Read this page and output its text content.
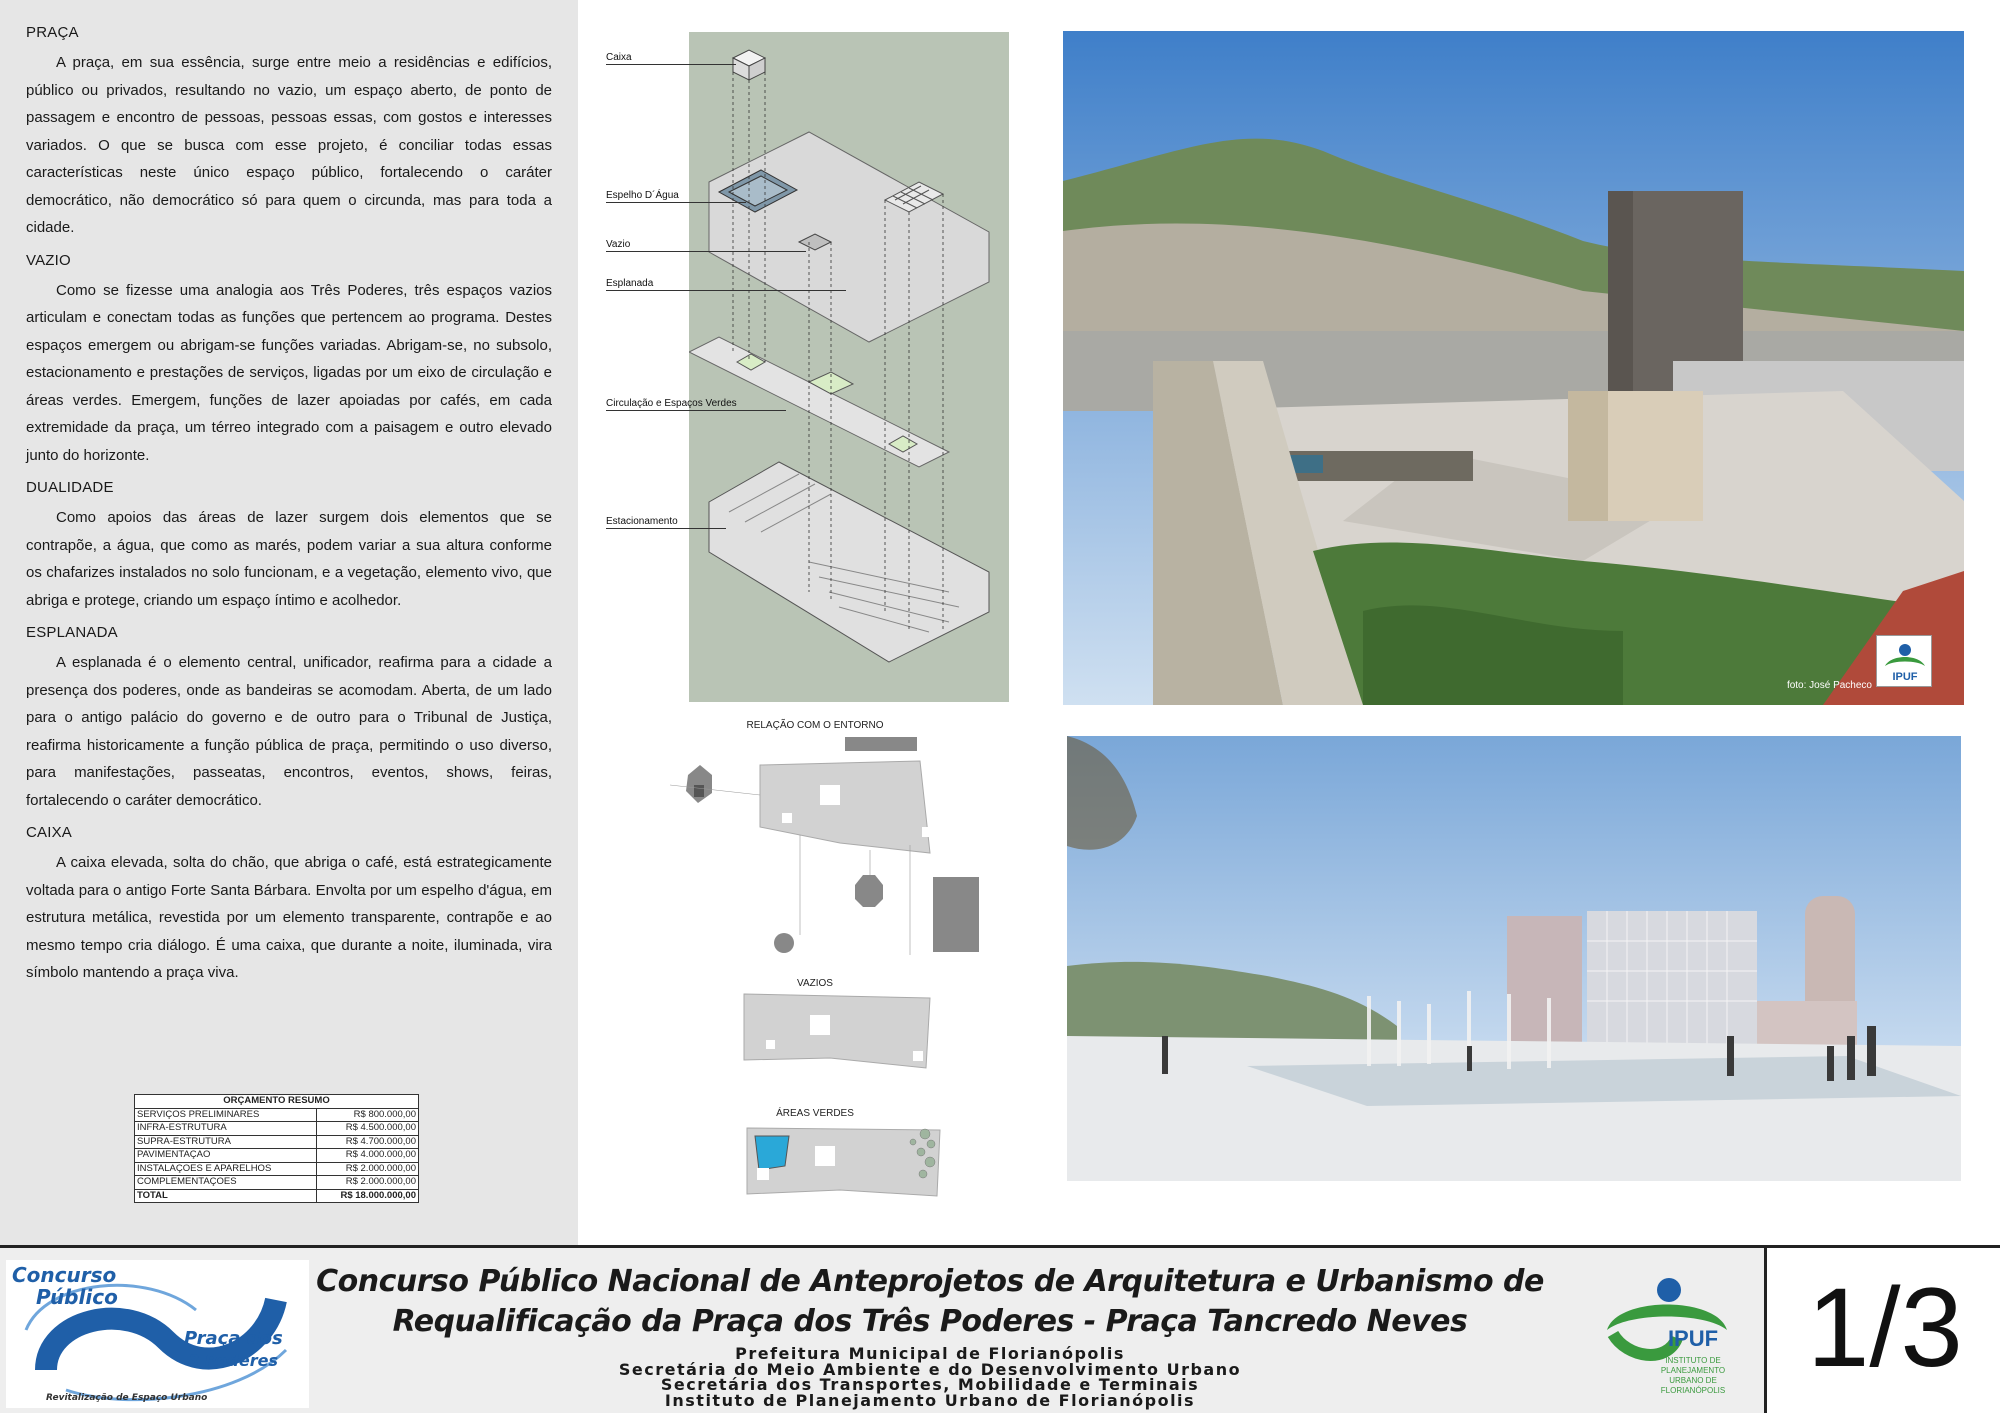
PRAÇA

A praça, em sua essência, surge entre meio a residências e edifícios, público ou privados, resultando no vazio, um espaço aberto, de ponto de passagem e encontro de pessoas, pessoas essas, com gostos e interesses variados. O que se busca com esse projeto, é conciliar todas essas características neste único espaço público, fortalecendo o caráter democrático, não democrático só para quem o circunda, mas para toda a cidade.

VAZIO

Como se fizesse uma analogia aos Três Poderes, três espaços vazios articulam e conectam todas as funções que pertencem ao programa. Destes espaços emergem ou abrigam-se funções variadas. Abrigam-se, no subsolo, estacionamento e prestações de serviços, ligadas por um eixo de circulação e áreas verdes. Emergem, funções de lazer apoiadas por cafés, em cada extremidade da praça, um térreo integrado com a paisagem e outro elevado junto do horizonte.

DUALIDADE

Como apoios das áreas de lazer surgem dois elementos que se contrapõe, a água, que como as marés, podem variar a sua altura conforme os chafarizes instalados no solo funcionam, e a vegetação, elemento vivo, que abriga e protege, criando um espaço íntimo e acolhedor.

ESPLANADA

A esplanada é o elemento central, unificador, reafirma para a cidade a presença dos poderes, onde as bandeiras se acomodam. Aberta, de um lado para o antigo palácio do governo e de outro para o Tribunal de Justiça, reafirma historicamente a função pública de praça, permitindo o uso diverso, para manifestações, passeatas, encontros, eventos, shows, feiras, fortalecendo o caráter democrático.

CAIXA

A caixa elevada, solta do chão, que abriga o café, está estrategicamente voltada para o antigo Forte Santa Bárbara. Envolta por um espelho d'água, em estrutura metálica, revestida por um elemento transparente, contrapõe e ao mesmo tempo cria diálogo. É uma caixa, que durante a noite, iluminada, vira símbolo mantendo a praça viva.

ORÇAMENTO RESUMO	
SERVIÇOS PRELIMINARES	R$ 800.000,00
INFRA-ESTRUTURA	R$ 4.500.000,00
SUPRA-ESTRUTURA	R$ 4.700.000,00
PAVIMENTAÇAO	R$ 4.000.000,00
INSTALAÇOES E APARELHOS	R$ 2.000.000,00
COMPLEMENTAÇOES	R$ 2.000.000,00
TOTAL	R$ 18.000.000,00
Caixa
Espelho D´Água
Vazio
Esplanada
Circulação e Espaços Verdes
Estacionamento
RELAÇÃO COM O ENTORNO
VAZIOS
ÁREAS VERDES
foto: José Pacheco
IPUF
Concurso
Público
Praça dos
3 Poderes
Revitalização de Espaço Urbano
Concurso Público Nacional de Anteprojetos de Arquitetura e Urbanismo de
Requalificação da Praça dos Três Poderes - Praça Tancredo Neves
Prefeitura Municipal de Florianópolis
Secretária do Meio Ambiente e do Desenvolvimento Urbano
Secretária dos Transportes, Mobilidade e Terminais
Instituto de Planejamento Urbano de Florianópolis
IPUF
INSTITUTO DE
PLANEJAMENTO
URBANO DE
FLORIANÓPOLIS
1/3
